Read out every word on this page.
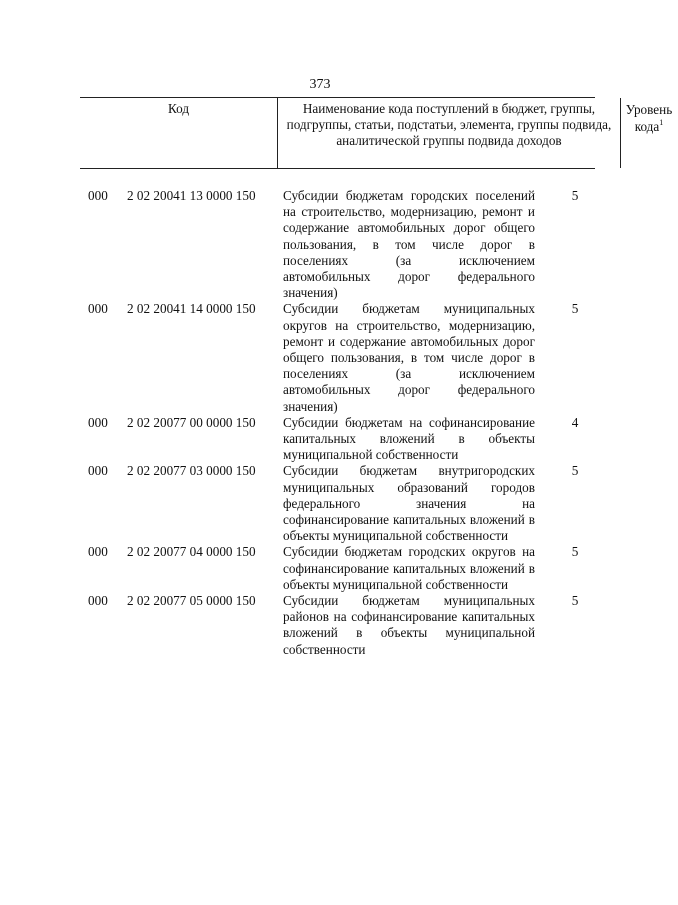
373
Код	Наименование кода поступлений в бюджет, группы, подгруппы, статьи, подстатьи, элемента, группы подвида, аналитической группы подвида доходов
Уровень кода$^1$
000 2 02 20041 13 0000 150 Субсидии бюджетам городских поселений на строительство, модернизацию, ремонт и содержание автомобильных дорог общего пользования, в том числе дорог в поселениях (за исключением автомобильных дорог федерального значения)
5
000 2 02 20041 14 0000 150 Субсидии бюджетам муниципальных округов на строительство, модернизацию, ремонт и содержание автомобильных дорог общего пользования, в том числе дорог в поселениях (за исключением автомобильных дорог федерального значения)
5
000 2 02 20077 00 0000 150 Субсидии бюджетам на софинансирование капитальных вложений в объекты муниципальной собственности
4
000 2 02 20077 03 0000 150 Субсидии бюджетам внутригородских муниципальных образований городов федерального значения на софинансирование капитальных вложений в объекты муниципальной собственности
5
000 2 02 20077 04 0000 150 Субсидии бюджетам городских округов на софинансирование капитальных вложений в объекты муниципальной собственности
5
000 2 02 20077 05 0000 150 Субсидии бюджетам муниципальных районов на софинансирование капитальных вложений в объекты муниципальной собственности
5
